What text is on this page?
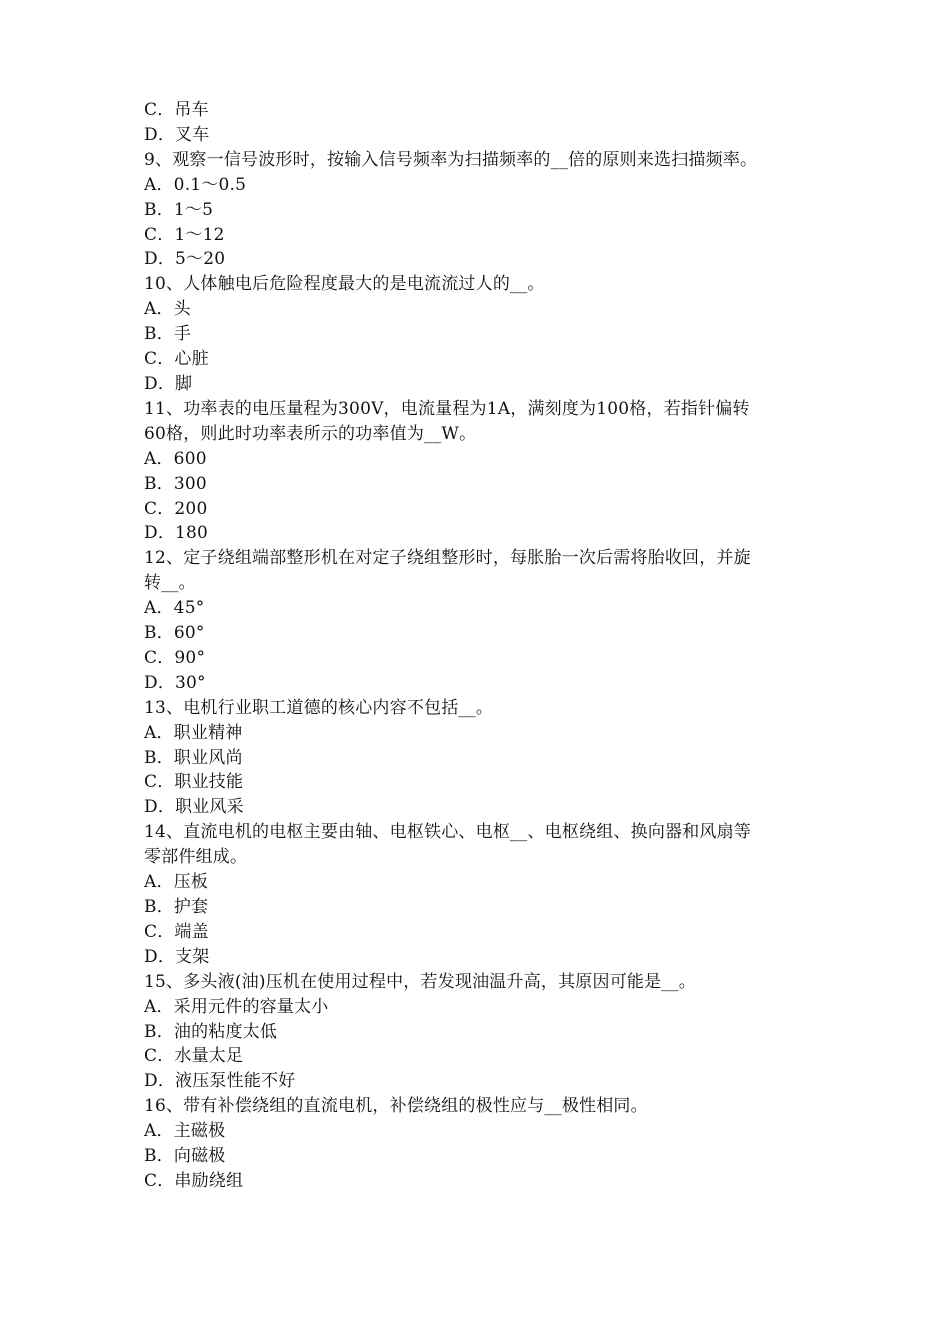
C．吊车
D．叉车
9、观察一信号波形时，按输入信号频率为扫描频率的__倍的原则来选扫描频率。
A．0.1～0.5
B．1～5
C．1～12
D．5～20
10、人体触电后危险程度最大的是电流流过人的__。
A．头
B．手
C．心脏
D．脚
11、功率表的电压量程为300V，电流量程为1A，满刻度为100格，若指针偏转
60格，则此时功率表所示的功率值为__W。
A．600
B．300
C．200
D．180
12、定子绕组端部整形机在对定子绕组整形时，每胀胎一次后需将胎收回，并旋
转__。
A．45°
B．60°
C．90°
D．30°
13、电机行业职工道德的核心内容不包括__。
A．职业精神
B．职业风尚
C．职业技能
D．职业风采
14、直流电机的电枢主要由轴、电枢铁心、电枢__、电枢绕组、换向器和风扇等
零部件组成。
A．压板
B．护套
C．端盖
D．支架
15、多头液(油)压机在使用过程中，若发现油温升高，其原因可能是__。
A．采用元件的容量太小
B．油的粘度太低
C．水量太足
D．液压泵性能不好
16、带有补偿绕组的直流电机，补偿绕组的极性应与__极性相同。
A．主磁极
B．向磁极
C．串励绕组
